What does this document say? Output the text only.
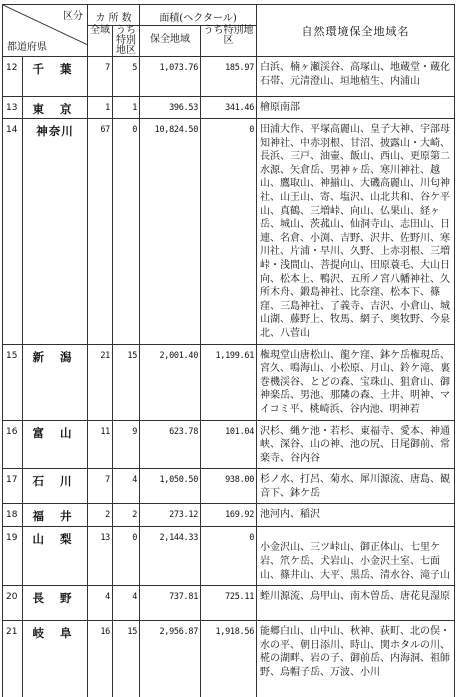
区分
都道府県		カ 所 数		面積(ヘクタール)		自然環境保全地域名
		全域	うち特別地区	保全地域	うち特別地区	
12	千 葉	7	5	1,073.76	185.97	白浜、楠ヶ瀬渓谷、高塚山、地蔵堂・蔵化石帯、元清澄山、垣地植生、内浦山
13	東 京	1	1	396.53	341.46	檜原南部
14	神奈川	67	0	10,824.50	0	田浦大作、平塚高麗山、皇子大神、宇部母知神社、中赤羽根、甘沼、披露山・大崎、長浜、三戸、油壷、飯山、西山、更原第二水源、矢倉岳、男神ヶ岳、寒川神社、越山、鷹取山、神揃山、大磯高麗山、川匂神社、山王山、寄、塩沢、山北共和、谷ケ平山、真鶴、三増峠、向山、仏果山、経ヶ岳、城山、茨菰山、仙洞寺山、志田山、日連、名倉、小渕、吉野、沢井、佐野川、寒川社、片浦・早川、久野、上赤羽根、三増峠・浅間山、菩提向山、田原蓑毛、大山日向、松本上、鴨沢、五所ノ宮八幡神社、久所木舟、鍛島神社、比奈窪、松本下、篠窪、三島神社、了義寺、吉沢、小倉山、城山湖、藤野上、牧馬、網子、奥牧野、今泉北、八菅山
15	新 潟	21	15	2,001.40	1,199.61	権現堂山唐松山、龍ケ窪、鉢ケ岳権現岳、宮久、鳴海山、小松原、月山、鈴ケ滝、裏巻機渓谷、とどの森、宝珠山、狙倉山、御神楽岳、男池、那隣の森、土井、明神、マイコミ平、桃崎浜、谷内池、明神若
16	富 山	11	9	623.78	101.04	沢杉、縄ケ池・若杉、東福寺、愛本、神通峡、深谷、山の神、池の尻、日尾御前、常楽寺、谷内谷
17	石 川	7	4	1,050.50	938.00	杉ノ水、打呂、菊水、犀川源流、唐島、観音下、鉢ケ岳
18	福 井	2	2	273.12	169.92	池河内、稲沢
19	山 梨	13	0	2,144.33	0	小金沢山、三ツ峠山、御正体山、七里ケ岩、笊ケ岳、犬岩山、小金沢土室、七面山、篠井山、大平、黒岳、清水谷、滝子山
20	長 野	4	4	737.81	725.11	蛭川源流、烏甲山、南木曽岳、唐花見湿原
21	岐 阜	16	15	2,956.87	1,918.56	能郷白山、山中山、秋神、荻町、北の俣・水の平、朝日添川、時山、関ホタルの川、椛の湖畔、岩の子、御前岳、内海洞、祖師野、烏帽子岳、万波、小川
